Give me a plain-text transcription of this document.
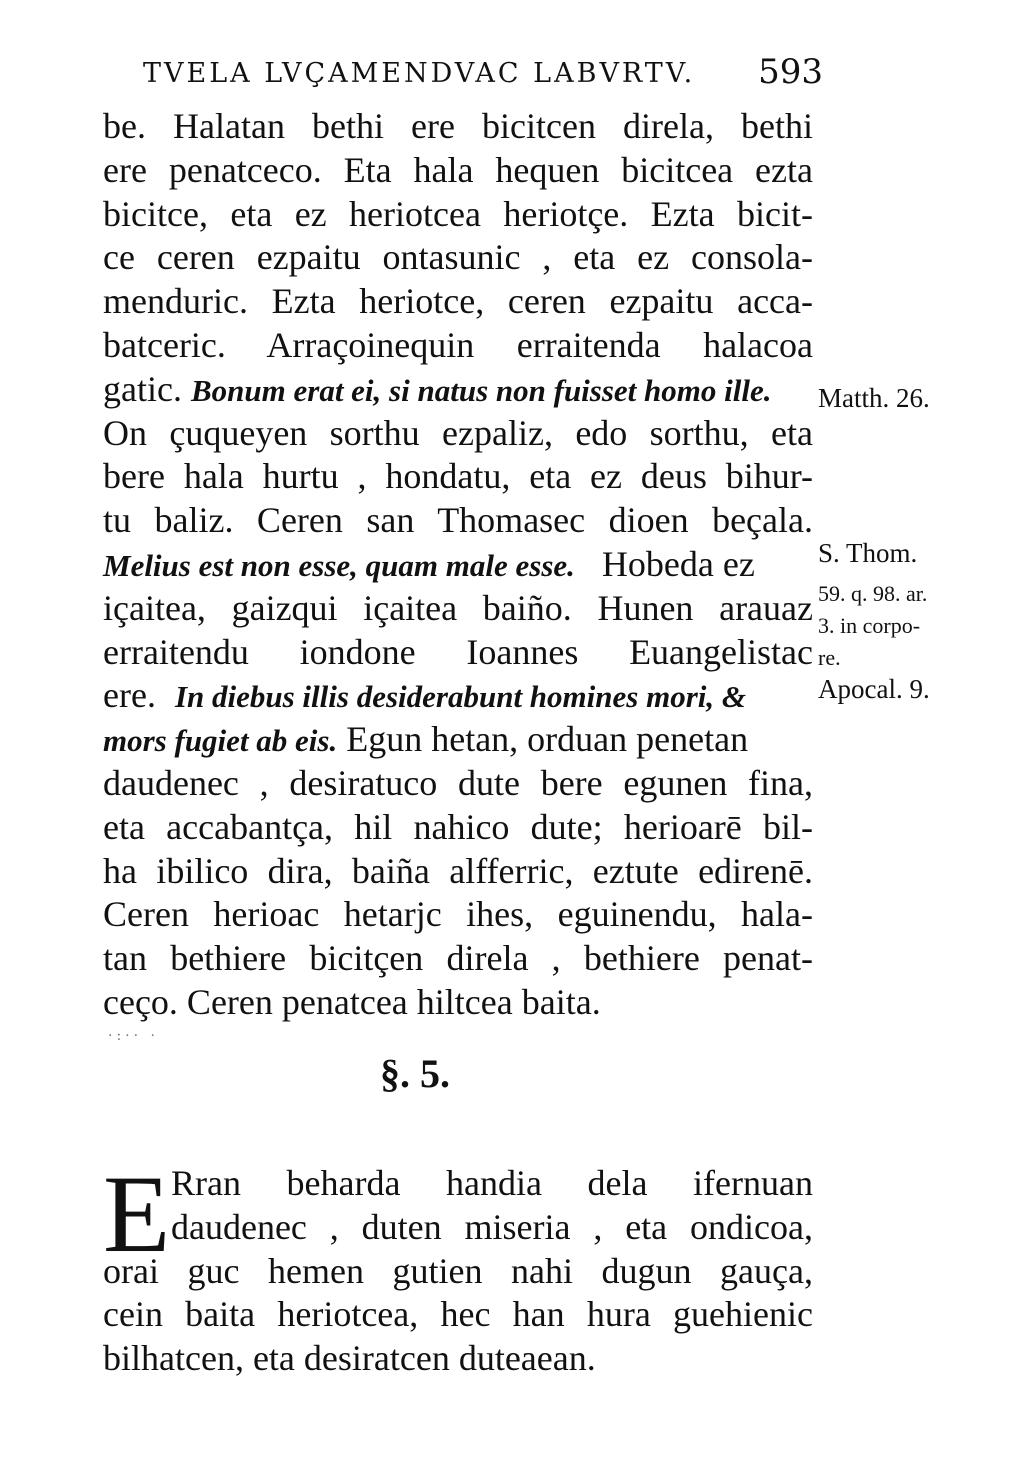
TVELA LVÇAMENDVAC LABVRTV. 593
be. Halatan bethi ere bicitcen direla, bethi
ere penatceco. Eta hala hequen bicitcea ezta
bicitce, eta ez heriotcea heriotçe. Ezta bicit-
ce ceren ezpaitu ontasunic , eta ez consola-
menduric. Ezta heriotce, ceren ezpaitu acca-
batceric. Arraçoinequin erraitenda halacoa
gatic. Bonum erat ei, si natus non fuisset homo ille.
On çuqueyen sorthu ezpaliz, edo sorthu, eta
bere hala hurtu , hondatu, eta ez deus bihur-
tu baliz. Ceren san Thomasec dioen beçala.
Melius est non esse, quam male esse. Hobeda ez
içaitea, gaizqui içaitea baiño. Hunen arauaz
erraitendu iondone Ioannes Euangelistac
ere. In diebus illis desiderabunt homines mori, &
mors fugiet ab eis. Egun hetan, orduan penetan
daudenec , desiratuco dute bere egunen fina,
eta accabantça, hil nahico dute; herioarē bil-
ha ibilico dira, baiña alfferric, eztute edirenē.
Ceren herioac hetarjc ihes, eguinendu, hala-
tan bethiere bicitçen direla , bethiere penat-
ceço. Ceren penatcea hiltcea baita.
Matth. 26.
S. Thom.
59. q. 98. ar.
3. in corpo-
re.
Apocal. 9.
·:·· ·
§. 5.
E Rran beharda handia dela ifernuan
daudenec , duten miseria , eta ondicoa,
orai guc hemen gutien nahi dugun gauça,
cein baita heriotcea, hec han hura guehienic
bilhatcen, eta desiratcen duteaean.
